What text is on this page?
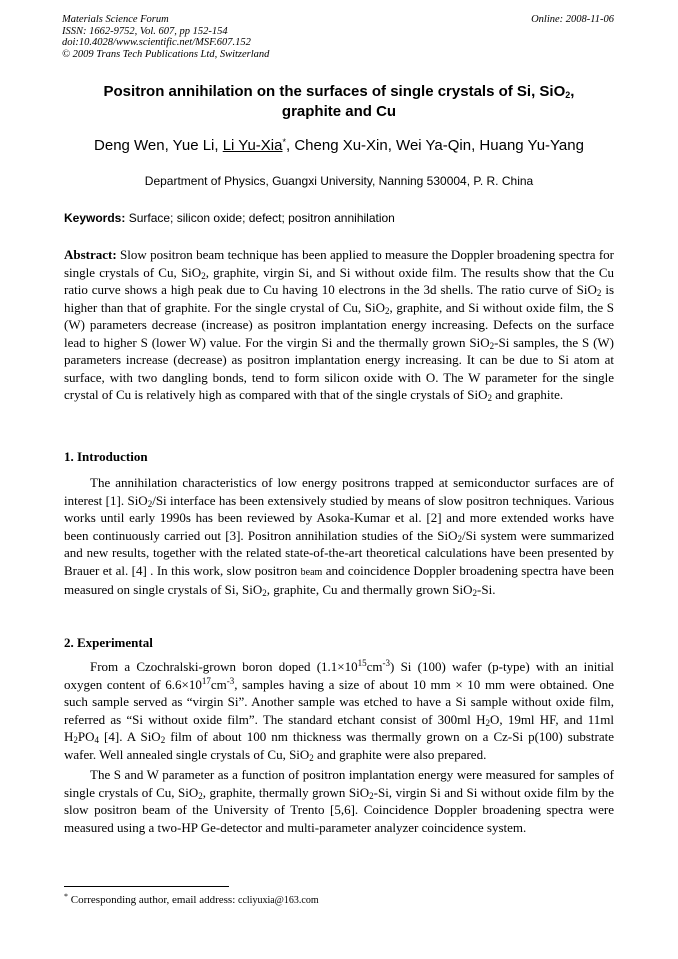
Materials Science Forum
ISSN: 1662-9752, Vol. 607, pp 152-154
doi:10.4028/www.scientific.net/MSF.607.152
© 2009 Trans Tech Publications Ltd, Switzerland
Online: 2008-11-06
Positron annihilation on the surfaces of single crystals of Si, SiO$_2$,
graphite and Cu
Deng Wen, Yue Li, Li Yu-Xia*, Cheng Xu-Xin, Wei Ya-Qin, Huang Yu-Yang
Department of Physics, Guangxi University, Nanning 530004, P. R. China
Keywords: Surface; silicon oxide; defect; positron annihilation

Abstract: Slow positron beam technique has been applied to measure the Doppler broadening spectra for single crystals of Cu, SiO$_2$, graphite, virgin Si, and Si without oxide film. The results show that the Cu ratio curve shows a high peak due to Cu having 10 electrons in the 3d shells. The ratio curve of SiO$_2$ is higher than that of graphite. For the single crystal of Cu, SiO$_2$, graphite, and Si without oxide film, the S (W) parameters decrease (increase) as positron implantation energy increasing. Defects on the surface lead to higher S (lower W) value. For the virgin Si and the thermally grown SiO$_2$-Si samples, the S (W) parameters increase (decrease) as positron implantation energy increasing. It can be due to Si atom at surface, with two dangling bonds, tend to form silicon oxide with O. The W parameter for the single crystal of Cu is relatively high as compared with that of the single crystals of SiO$_2$ and graphite.

1. Introduction

The annihilation characteristics of low energy positrons trapped at semiconductor surfaces are of interest [1]. SiO$_2$/Si interface has been extensively studied by means of slow positron techniques. Various works until early 1990s has been reviewed by Asoka-Kumar et al. [2] and more extended works have been continuously carried out [3]. Positron annihilation studies of the SiO$_2$/Si system were summarized and new results, together with the related state-of-the-art theoretical calculations have been presented by Brauer et al. [4] . In this work, slow positron beam and coincidence Doppler broadening spectra have been measured on single crystals of Si, SiO$_2$, graphite, Cu and thermally grown SiO$_2$-Si.

2. Experimental

From a Czochralski-grown boron doped $(1.1\times 10^{15}cm^{-3})$ Si (100) wafer (p-type) with an initial oxygen content of $6.6\times 10^{17}cm^{-3}$, samples having a size of about 10 mm × 10 mm were obtained. One such sample served as “virgin Si”. Another sample was etched to have a Si sample without oxide film, referred as “Si without oxide film”. The standard etchant consist of 300ml $H_2O$, 19ml HF, and 11ml $H_2PO_4$ [4]. A SiO$_2$ film of about 100 nm thickness was thermally grown on a Cz-Si p(100) substrate wafer. Well annealed single crystals of Cu, SiO$_2$ and graphite were also prepared.

The S and W parameter as a function of positron implantation energy were measured for samples of single crystals of Cu, SiO$_2$, graphite, thermally grown SiO$_2$-Si, virgin Si and Si without oxide film by the slow positron beam of the University of Trento [5,6]. Coincidence Doppler broadening spectra were measured using a two-HP Ge-detector and multi-parameter analyzer coincidence system.

* Corresponding author, email address: ccliyuxia@163.com
